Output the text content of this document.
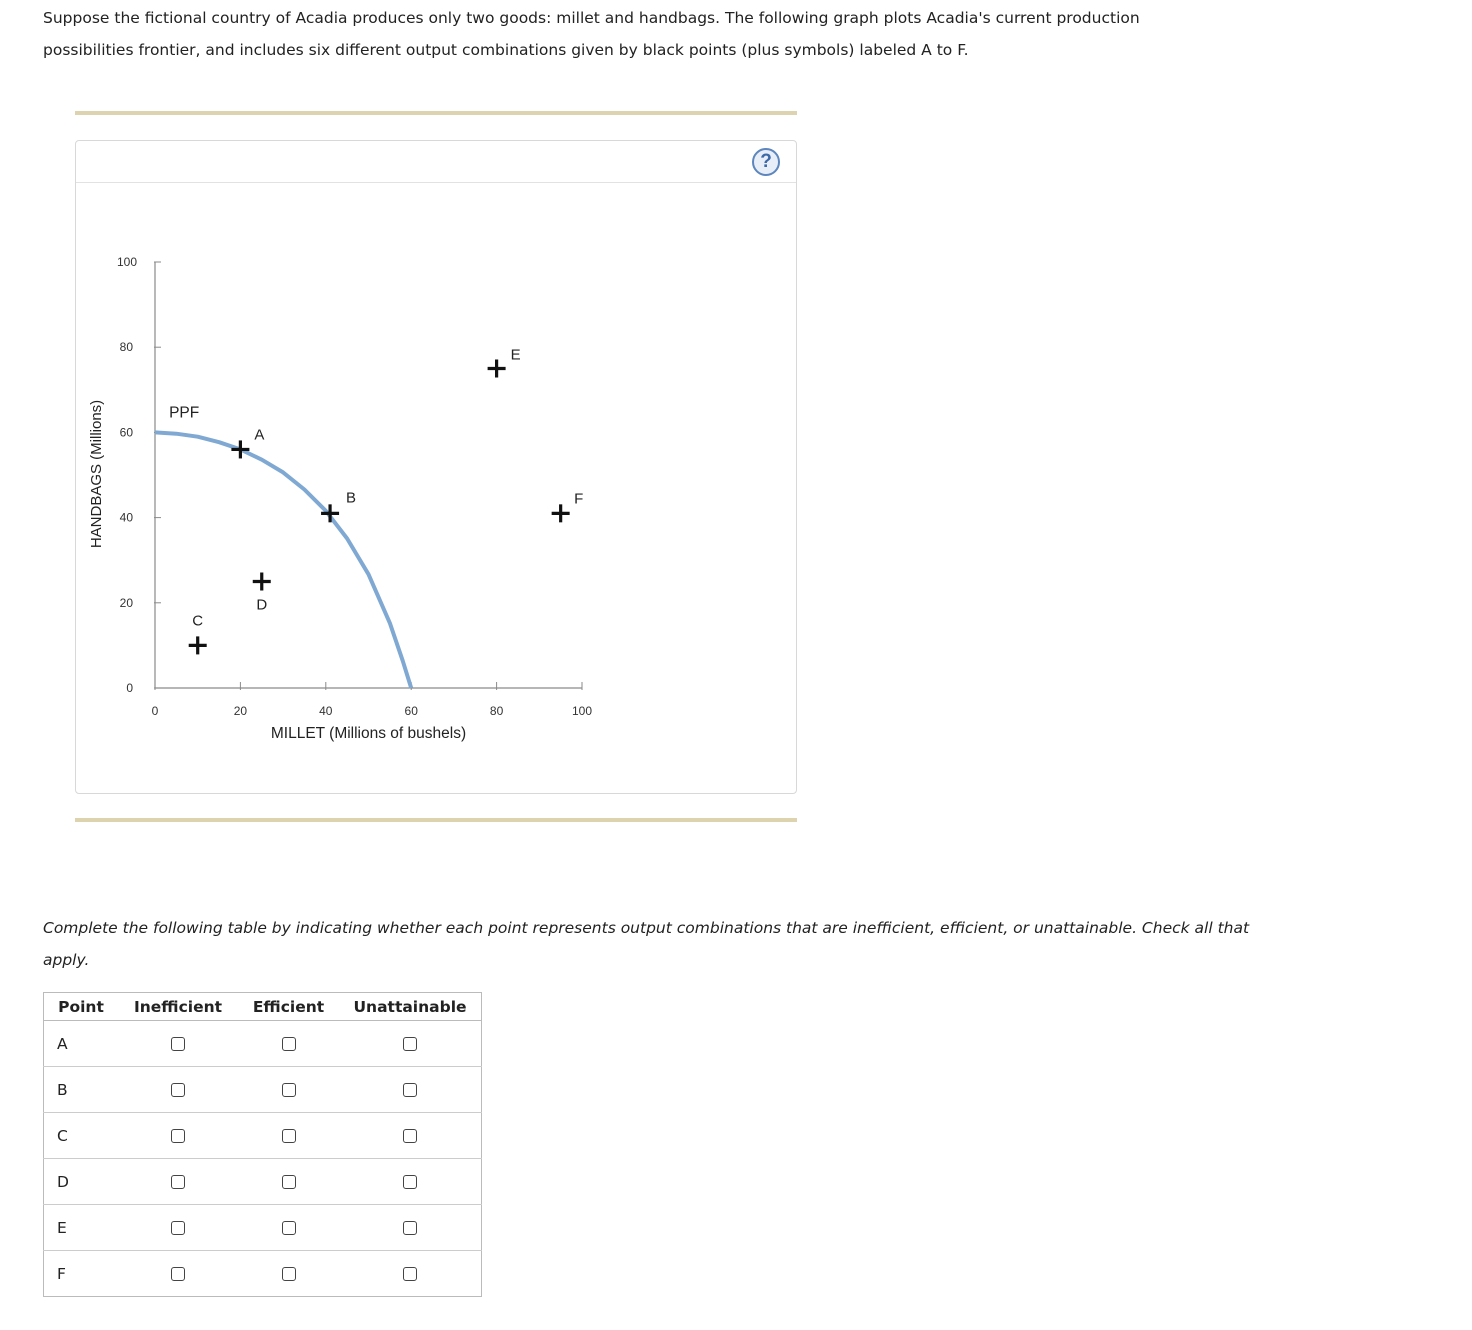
Suppose the fictional country of Acadia produces only two goods: millet and handbags. The following graph plots Acadia's current production possibilities frontier, and includes six different output combinations given by black points (plus symbols) labeled A to F.

?
0
20
40
60
80
100
0	20	40	60	80	100
MILLET (Millions of bushels)
HANDBAGS (Millions)	PPF
A
B
C
D
E
F

Complete the following table by indicating whether each point represents output combinations that are inefficient, efficient, or unattainable. Check all that apply.

Point	Inefficient	Efficient	Unattainable
A			
B			
C			
D			
E			
F			
